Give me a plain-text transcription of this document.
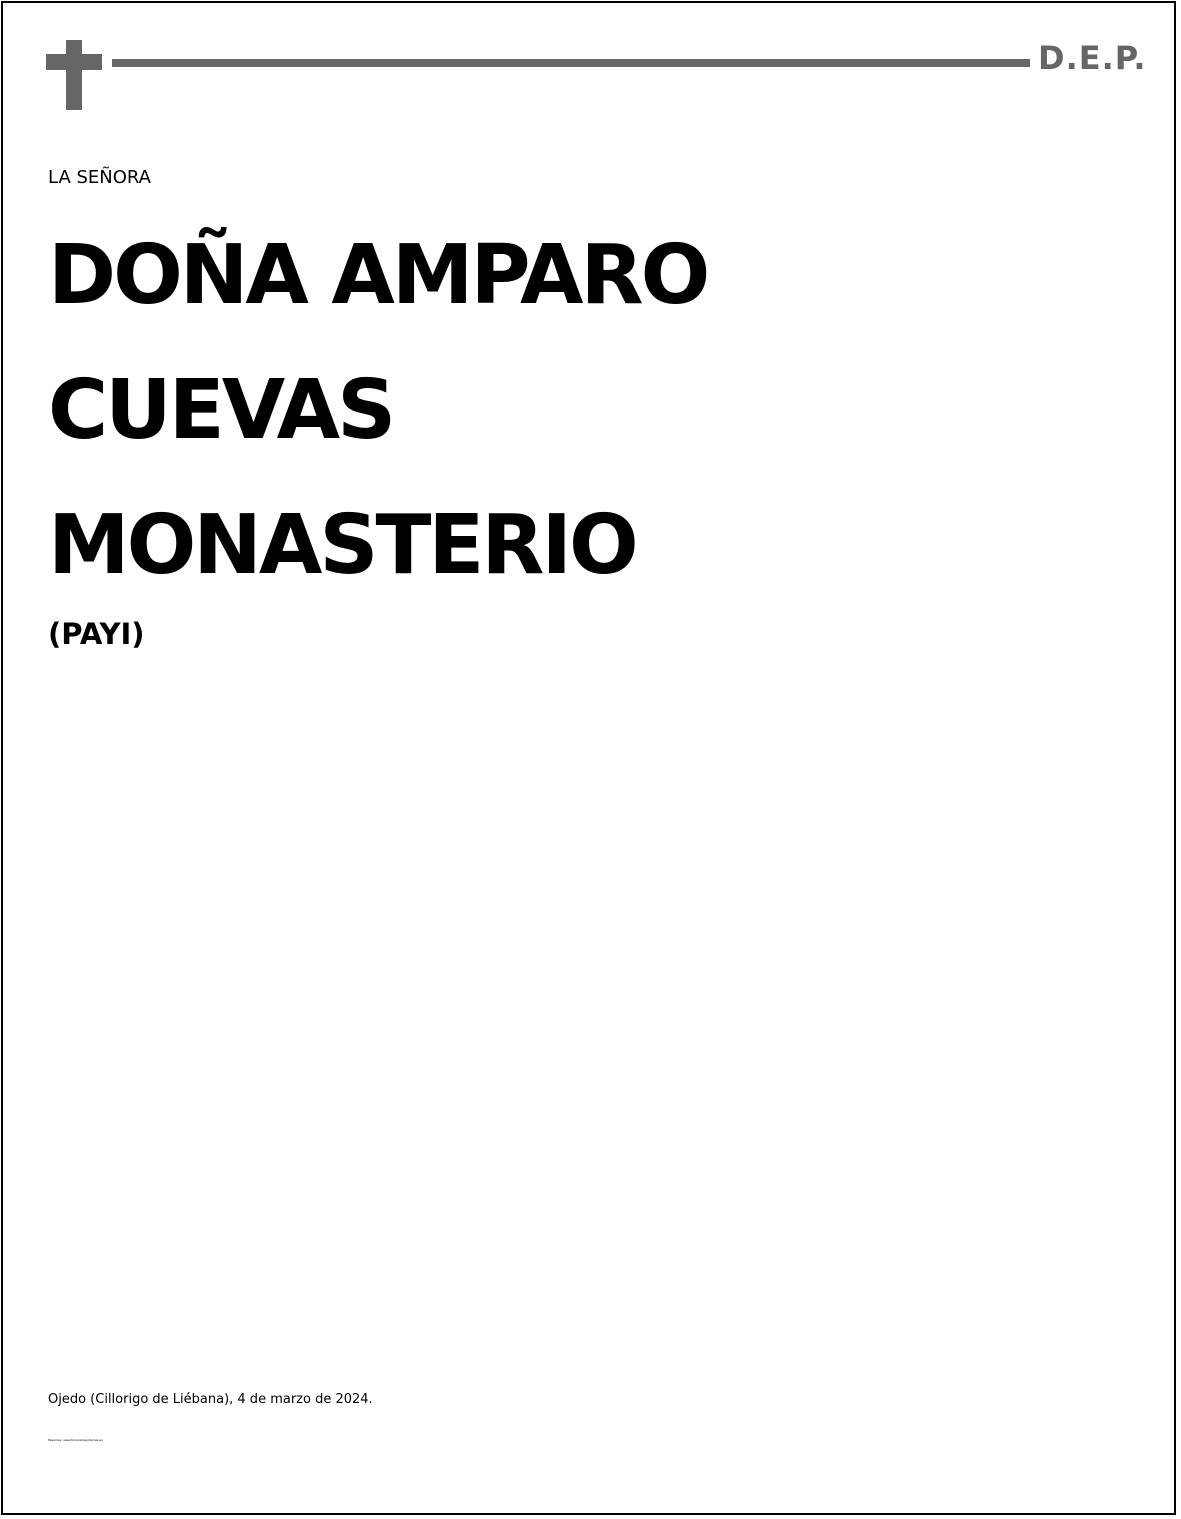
D.E.P.
LA SEÑORA
DOÑA AMPARO
CUEVAS
MONASTERIO
(PAYI)
Ojedo (Cillorigo de Liébana), 4 de marzo de 2024.
Pésames: www.funerariagutierrez.es
